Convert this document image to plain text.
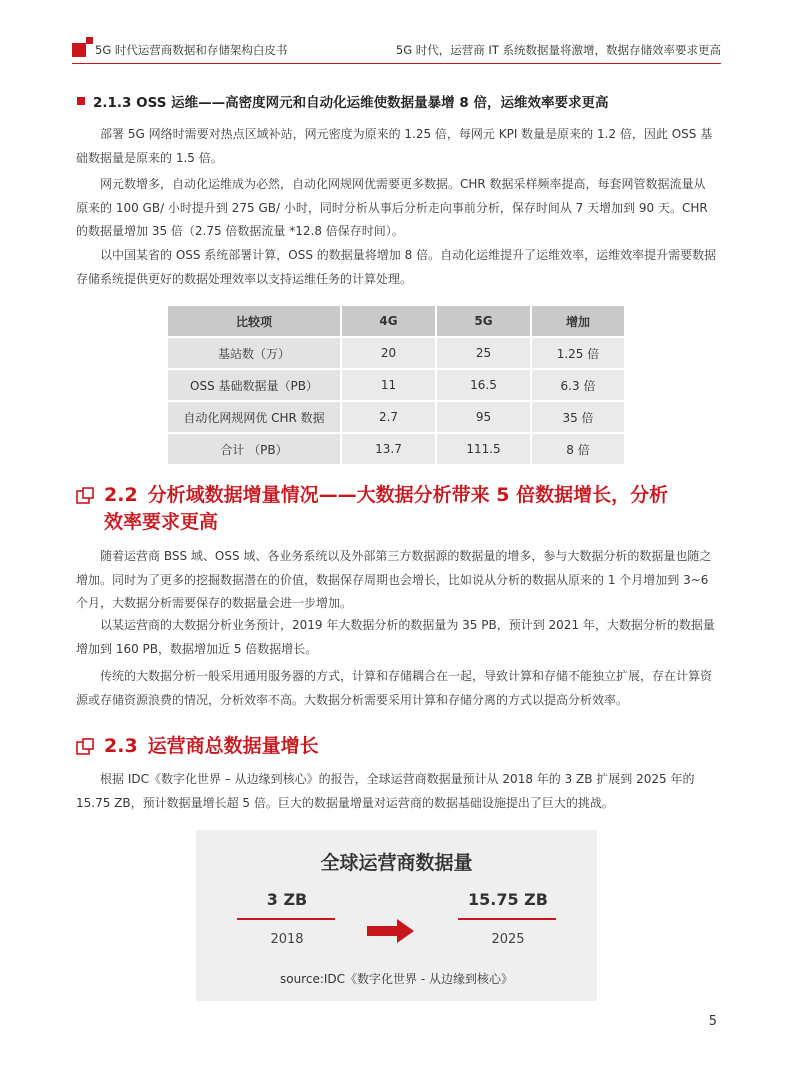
5G 时代运营商数据和存储架构白皮书	5G 时代，运营商 IT 系统数据量将激增，数据存储效率要求更高
2.1.3 OSS 运维——高密度网元和自动化运维使数据量暴增 8 倍，运维效率要求更高

部署 5G 网络时需要对热点区域补站，网元密度为原来的 1.25 倍，每网元 KPI 数量是原来的 1.2 倍，因此 OSS 基础数据量是原来的 1.5 倍。

网元数增多，自动化运维成为必然，自动化网规网优需要更多数据。CHR 数据采样频率提高，每套网管数据流量从原来的 100 GB/ 小时提升到 275 GB/ 小时，同时分析从事后分析走向事前分析，保存时间从 7 天增加到 90 天。CHR 的数据量增加 35 倍（2.75 倍数据流量 *12.8 倍保存时间）。

以中国某省的 OSS 系统部署计算，OSS 的数据量将增加 8 倍。自动化运维提升了运维效率，运维效率提升需要数据存储系统提供更好的数据处理效率以支持运维任务的计算处理。

比较项	4G	5G	增加
基站数（万）	20	25	1.25 倍
OSS 基础数据量（PB）	11	16.5	6.3 倍
自动化网规网优 CHR 数据	2.7	95	35 倍
合计 （PB）	13.7	111.5	8 倍
2.2 分析域数据增量情况——大数据分析带来 5 倍数据增长，分析
效率要求更高

随着运营商 BSS 域、OSS 域、各业务系统以及外部第三方数据源的数据量的增多，参与大数据分析的数据量也随之增加。同时为了更多的挖掘数据潜在的价值，数据保存周期也会增长，比如说从分析的数据从原来的 1 个月增加到 3~6 个月，大数据分析需要保存的数据量会进一步增加。

以某运营商的大数据分析业务预计，2019 年大数据分析的数据量为 35 PB，预计到 2021 年，大数据分析的数据量增加到 160 PB，数据增加近 5 倍数据增长。

传统的大数据分析一般采用通用服务器的方式，计算和存储耦合在一起，导致计算和存储不能独立扩展，存在计算资源或存储资源浪费的情况，分析效率不高。大数据分析需要采用计算和存储分离的方式以提高分析效率。

2.3 运营商总数据量增长

根据 IDC《数字化世界 – 从边缘到核心》的报告，全球运营商数据量预计从 2018 年的 3 ZB 扩展到 2025 年的 15.75 ZB，预计数据量增长超 5 倍。巨大的数据量增量对运营商的数据基础设施提出了巨大的挑战。

全球运营商数据量
3 ZB
2018
15.75 ZB
2025
source:IDC《数字化世界 - 从边缘到核心》
5
